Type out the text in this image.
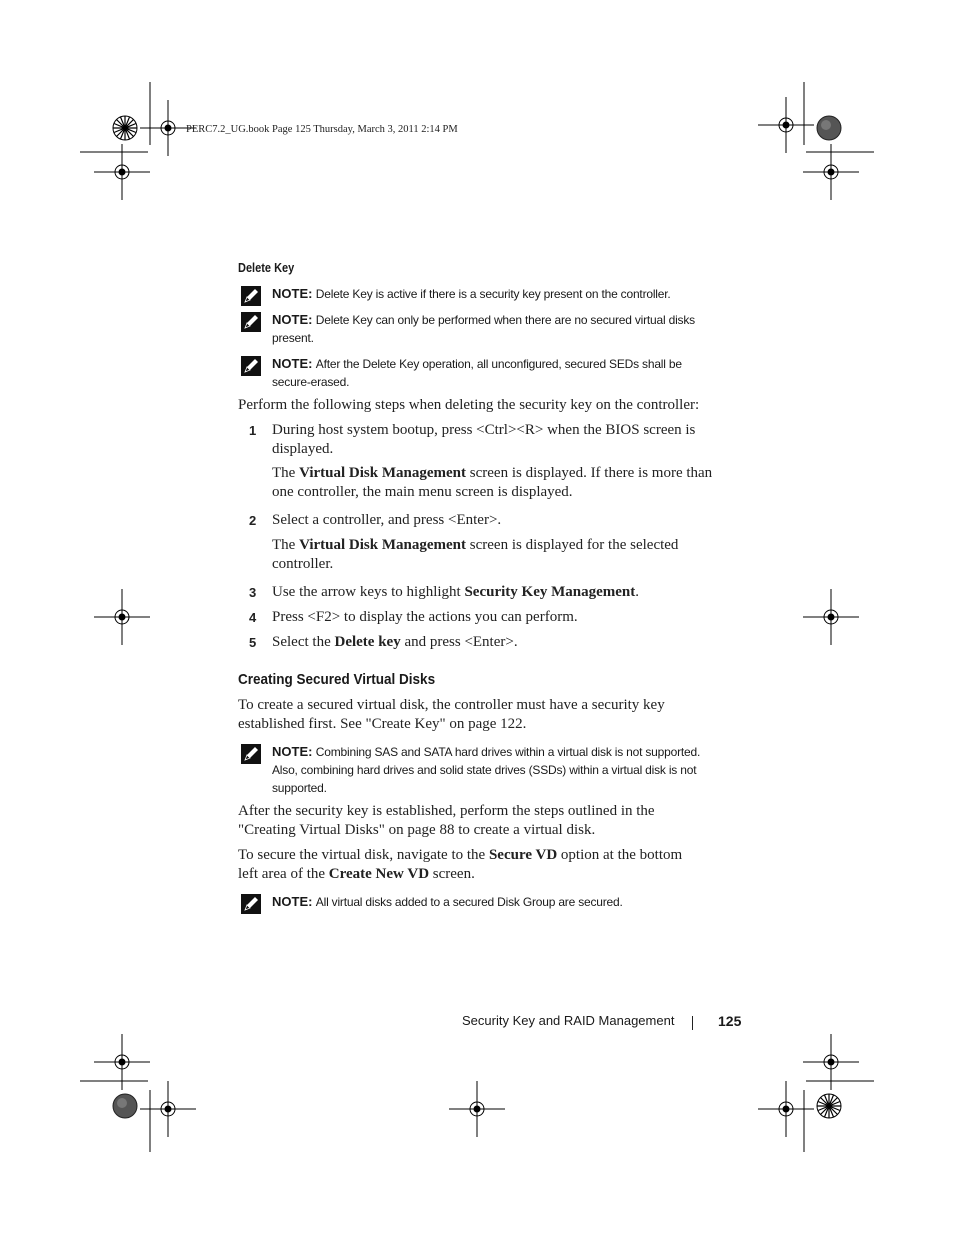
PERC7.2_UG.book Page 125 Thursday, March 3, 2011 2:14 PM
Delete Key
NOTE: Delete Key is active if there is a security key present on the controller.
NOTE: Delete Key can only be performed when there are no secured virtual disks
present.
NOTE: After the Delete Key operation, all unconfigured, secured SEDs shall be
secure-erased.
Perform the following steps when deleting the security key on the controller:
1 During host system bootup, press <Ctrl><R> when the BIOS screen is
displayed.
The Virtual Disk Management screen is displayed. If there is more than
one controller, the main menu screen is displayed.
2 Select a controller, and press <Enter>.
The Virtual Disk Management screen is displayed for the selected
controller.
3 Use the arrow keys to highlight Security Key Management.
4 Press <F2> to display the actions you can perform.
5 Select the Delete key and press <Enter>.
Creating Secured Virtual Disks
To create a secured virtual disk, the controller must have a security key
established first. See "Create Key" on page 122.
NOTE: Combining SAS and SATA hard drives within a virtual disk is not supported.
Also, combining hard drives and solid state drives (SSDs) within a virtual disk is not
supported.
After the security key is established, perform the steps outlined in the
"Creating Virtual Disks" on page 88 to create a virtual disk.
To secure the virtual disk, navigate to the Secure VD option at the bottom
left area of the Create New VD screen.
NOTE: All virtual disks added to a secured Disk Group are secured.
Security Key and RAID Management	125
